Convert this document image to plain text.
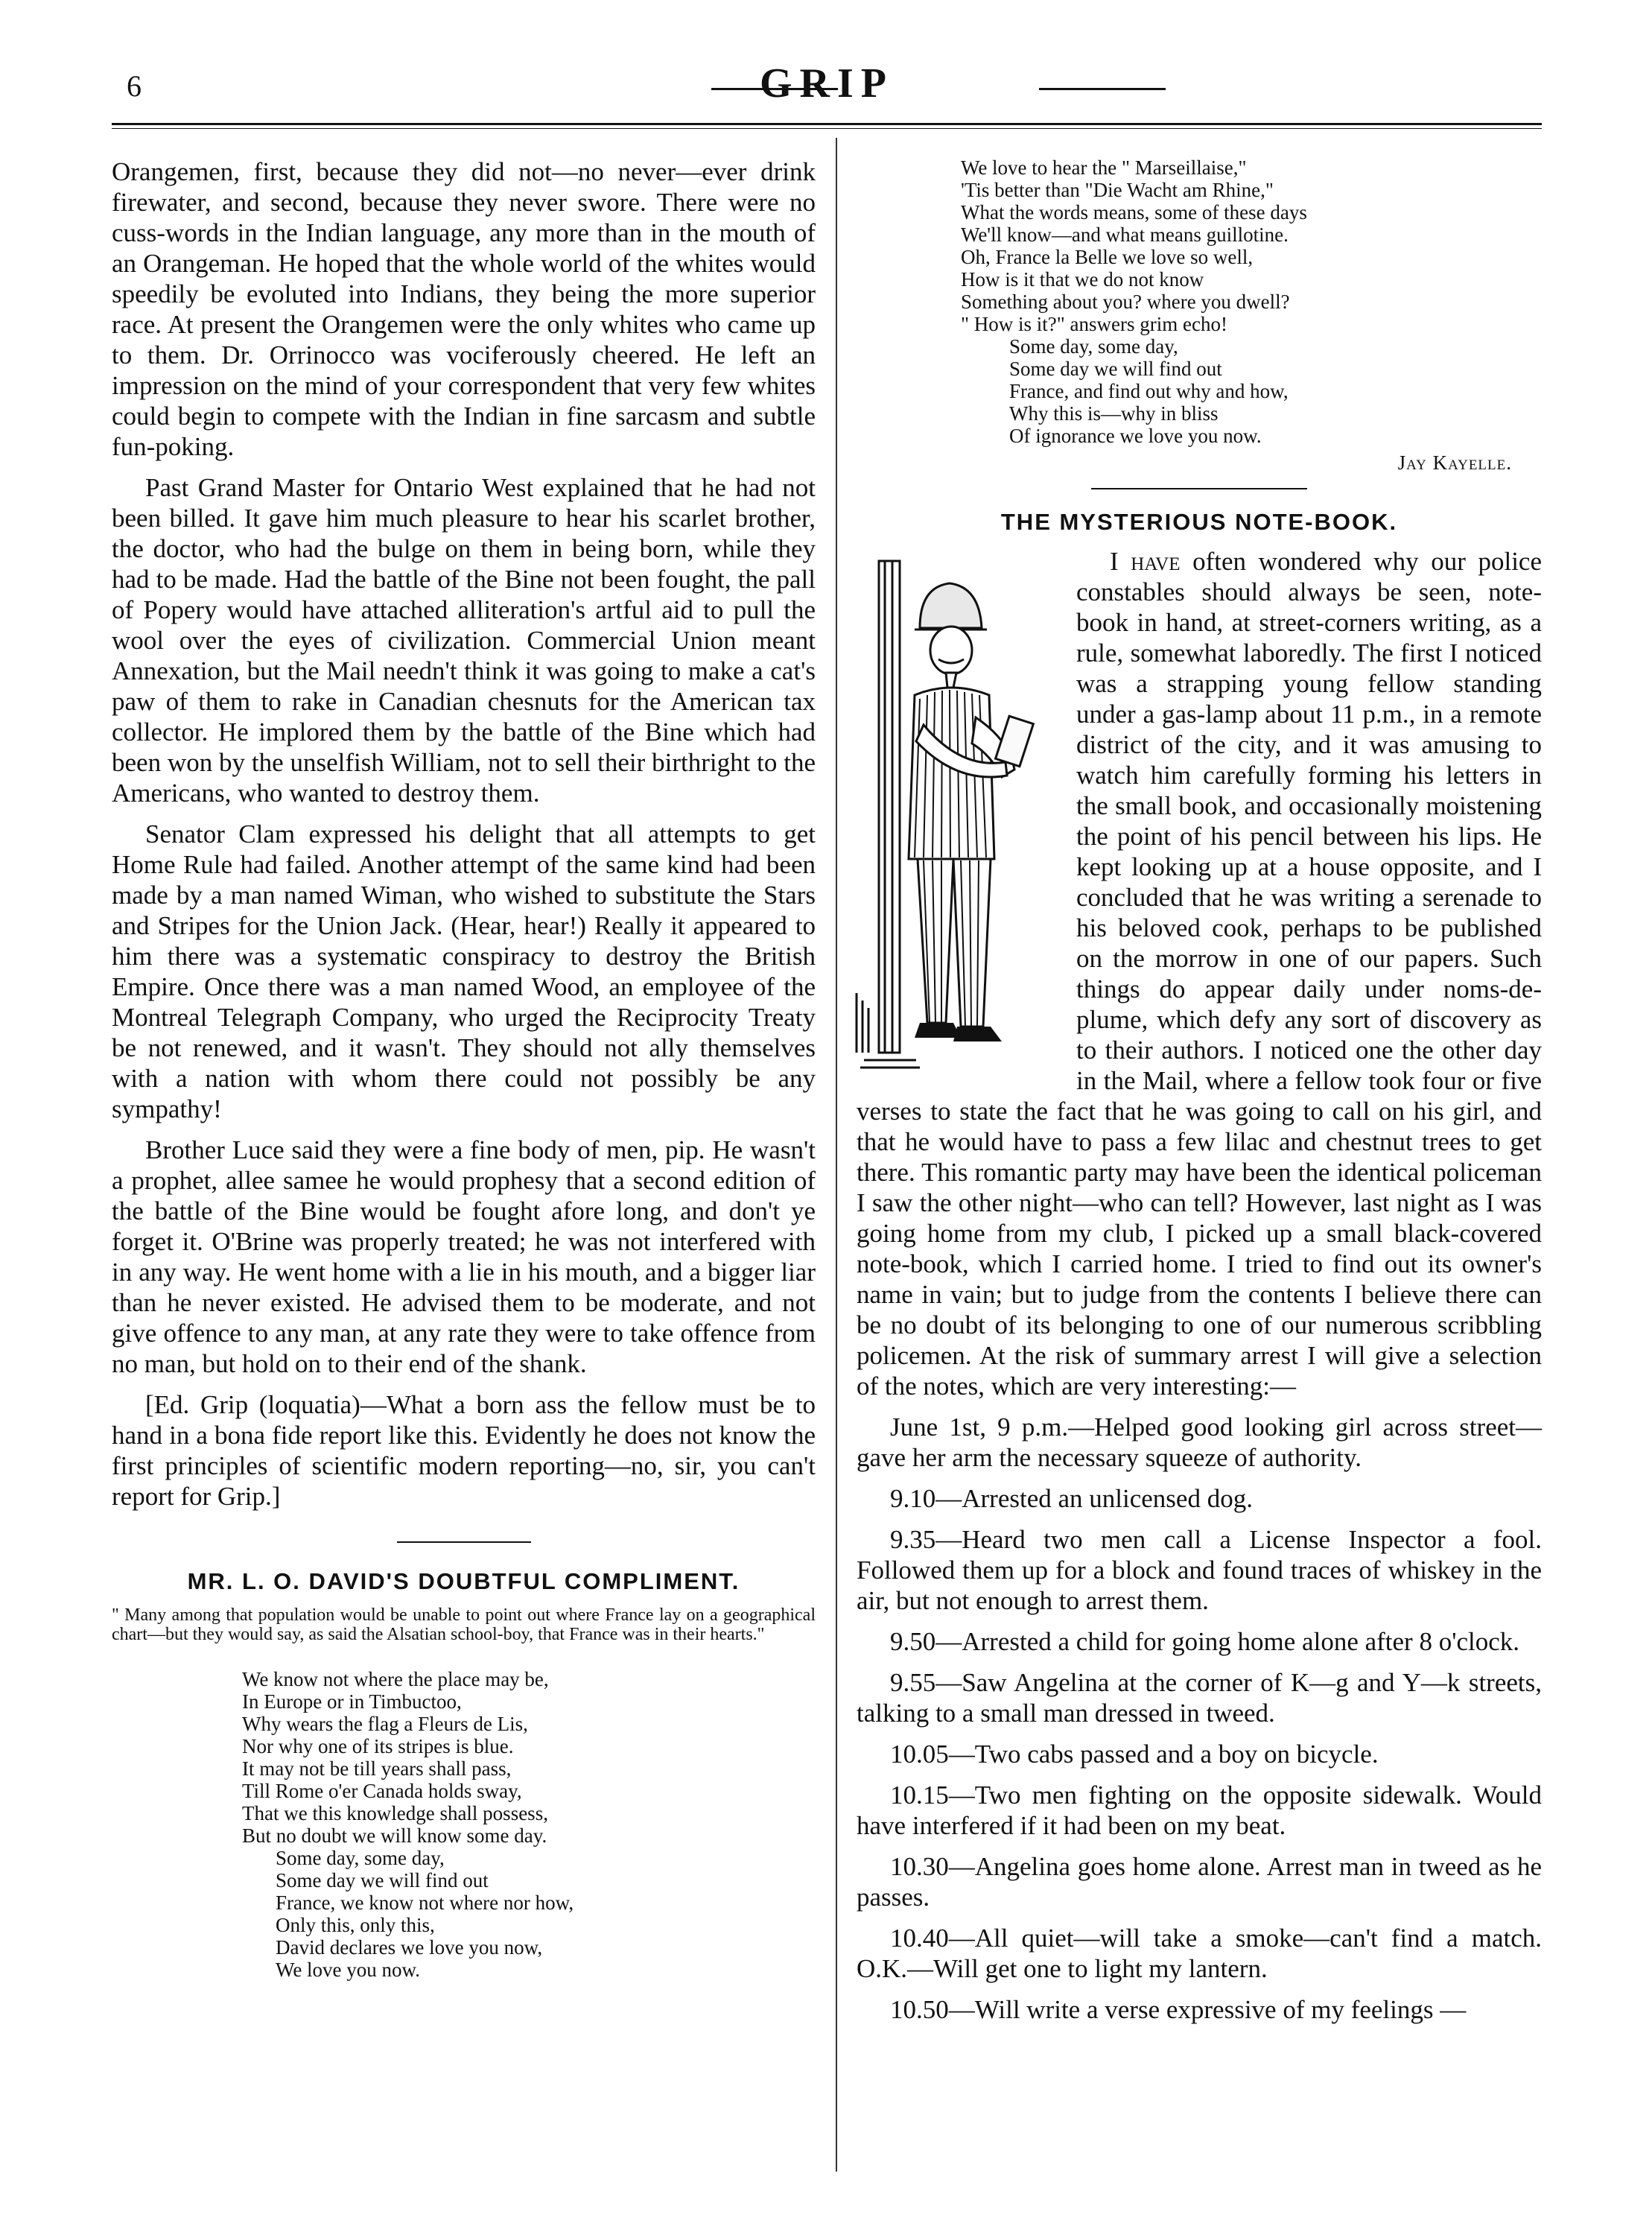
6	GRIP

Orangemen, first, because they did not—no never—ever drink firewater, and second, because they never swore. There were no cuss-words in the Indian language, any more than in the mouth of an Orangeman. He hoped that the whole world of the whites would speedily be evoluted into Indians, they being the more superior race. At present the Orangemen were the only whites who came up to them. Dr. Orrinocco was vociferously cheered. He left an impression on the mind of your correspondent that very few whites could begin to compete with the Indian in fine sarcasm and subtle fun-poking.

Past Grand Master for Ontario West explained that he had not been billed. It gave him much pleasure to hear his scarlet brother, the doctor, who had the bulge on them in being born, while they had to be made. Had the battle of the Bine not been fought, the pall of Popery would have attached alliteration's artful aid to pull the wool over the eyes of civilization. Commercial Union meant Annexation, but the Mail needn't think it was going to make a cat's paw of them to rake in Canadian chesnuts for the American tax collector. He implored them by the battle of the Bine which had been won by the unselfish William, not to sell their birthright to the Americans, who wanted to destroy them.

Senator Clam expressed his delight that all attempts to get Home Rule had failed. Another attempt of the same kind had been made by a man named Wiman, who wished to substitute the Stars and Stripes for the Union Jack. (Hear, hear!) Really it appeared to him there was a systematic conspiracy to destroy the British Empire. Once there was a man named Wood, an employee of the Montreal Telegraph Company, who urged the Reciprocity Treaty be not renewed, and it wasn't. They should not ally themselves with a nation with whom there could not possibly be any sympathy!

Brother Luce said they were a fine body of men, pip. He wasn't a prophet, allee samee he would prophesy that a second edition of the battle of the Bine would be fought afore long, and don't ye forget it. O'Brine was properly treated; he was not interfered with in any way. He went home with a lie in his mouth, and a bigger liar than he never existed. He advised them to be moderate, and not give offence to any man, at any rate they were to take offence from no man, but hold on to their end of the shank.

[Ed. Grip (loquatia)—What a born ass the fellow must be to hand in a bona fide report like this. Evidently he does not know the first principles of scientific modern reporting—no, sir, you can't report for Grip.]

MR. L. O. DAVID'S DOUBTFUL COMPLIMENT.
" Many among that population would be unable to point out where France lay on a geographical chart—but they would say, as said the Alsatian school-boy, that France was in their hearts."
We know not where the place may be,
In Europe or in Timbuctoo,
Why wears the flag a Fleurs de Lis,
Nor why one of its stripes is blue.
It may not be till years shall pass,
Till Rome o'er Canada holds sway,
That we this knowledge shall possess,
But no doubt we will know some day.
Some day, some day,
Some day we will find out
France, we know not where nor how,
Only this, only this,
David declares we love you now,
We love you now.
We love to hear the " Marseillaise,"
'Tis better than "Die Wacht am Rhine,"
What the words means, some of these days
We'll know—and what means guillotine.
Oh, France la Belle we love so well,
How is it that we do not know
Something about you? where you dwell?
" How is it?" answers grim echo!
Some day, some day,
Some day we will find out
France, and find out why and how,
Why this is—why in bliss
Of ignorance we love you now.
Jay Kayelle.
THE MYSTERIOUS NOTE-BOOK.

I have often wondered why our police constables should always be seen, note-book in hand, at street-corners writing, as a rule, somewhat laboredly. The first I noticed was a strapping young fellow standing under a gas-lamp about 11 p.m., in a remote district of the city, and it was amusing to watch him carefully forming his letters in the small book, and occasionally moistening the point of his pencil between his lips. He kept looking up at a house opposite, and I concluded that he was writing a serenade to his beloved cook, perhaps to be published on the morrow in one of our papers. Such things do appear daily under noms-de-plume, which defy any sort of discovery as to their authors. I noticed one the other day in the Mail, where a fellow took four or five verses to state the fact that he was going to call on his girl, and that he would have to pass a few lilac and chestnut trees to get there. This romantic party may have been the identical policeman I saw the other night—who can tell? However, last night as I was going home from my club, I picked up a small black-covered note-book, which I carried home. I tried to find out its owner's name in vain; but to judge from the contents I believe there can be no doubt of its belonging to one of our numerous scribbling policemen. At the risk of summary arrest I will give a selection of the notes, which are very interesting:—

June 1st, 9 p.m.—Helped good looking girl across street—gave her arm the necessary squeeze of authority.

9.10—Arrested an unlicensed dog.

9.35—Heard two men call a License Inspector a fool. Followed them up for a block and found traces of whiskey in the air, but not enough to arrest them.

9.50—Arrested a child for going home alone after 8 o'clock.

9.55—Saw Angelina at the corner of K—g and Y—k streets, talking to a small man dressed in tweed.

10.05—Two cabs passed and a boy on bicycle.

10.15—Two men fighting on the opposite sidewalk. Would have interfered if it had been on my beat.

10.30—Angelina goes home alone. Arrest man in tweed as he passes.

10.40—All quiet—will take a smoke—can't find a match. O.K.—Will get one to light my lantern.

10.50—Will write a verse expressive of my feelings —
